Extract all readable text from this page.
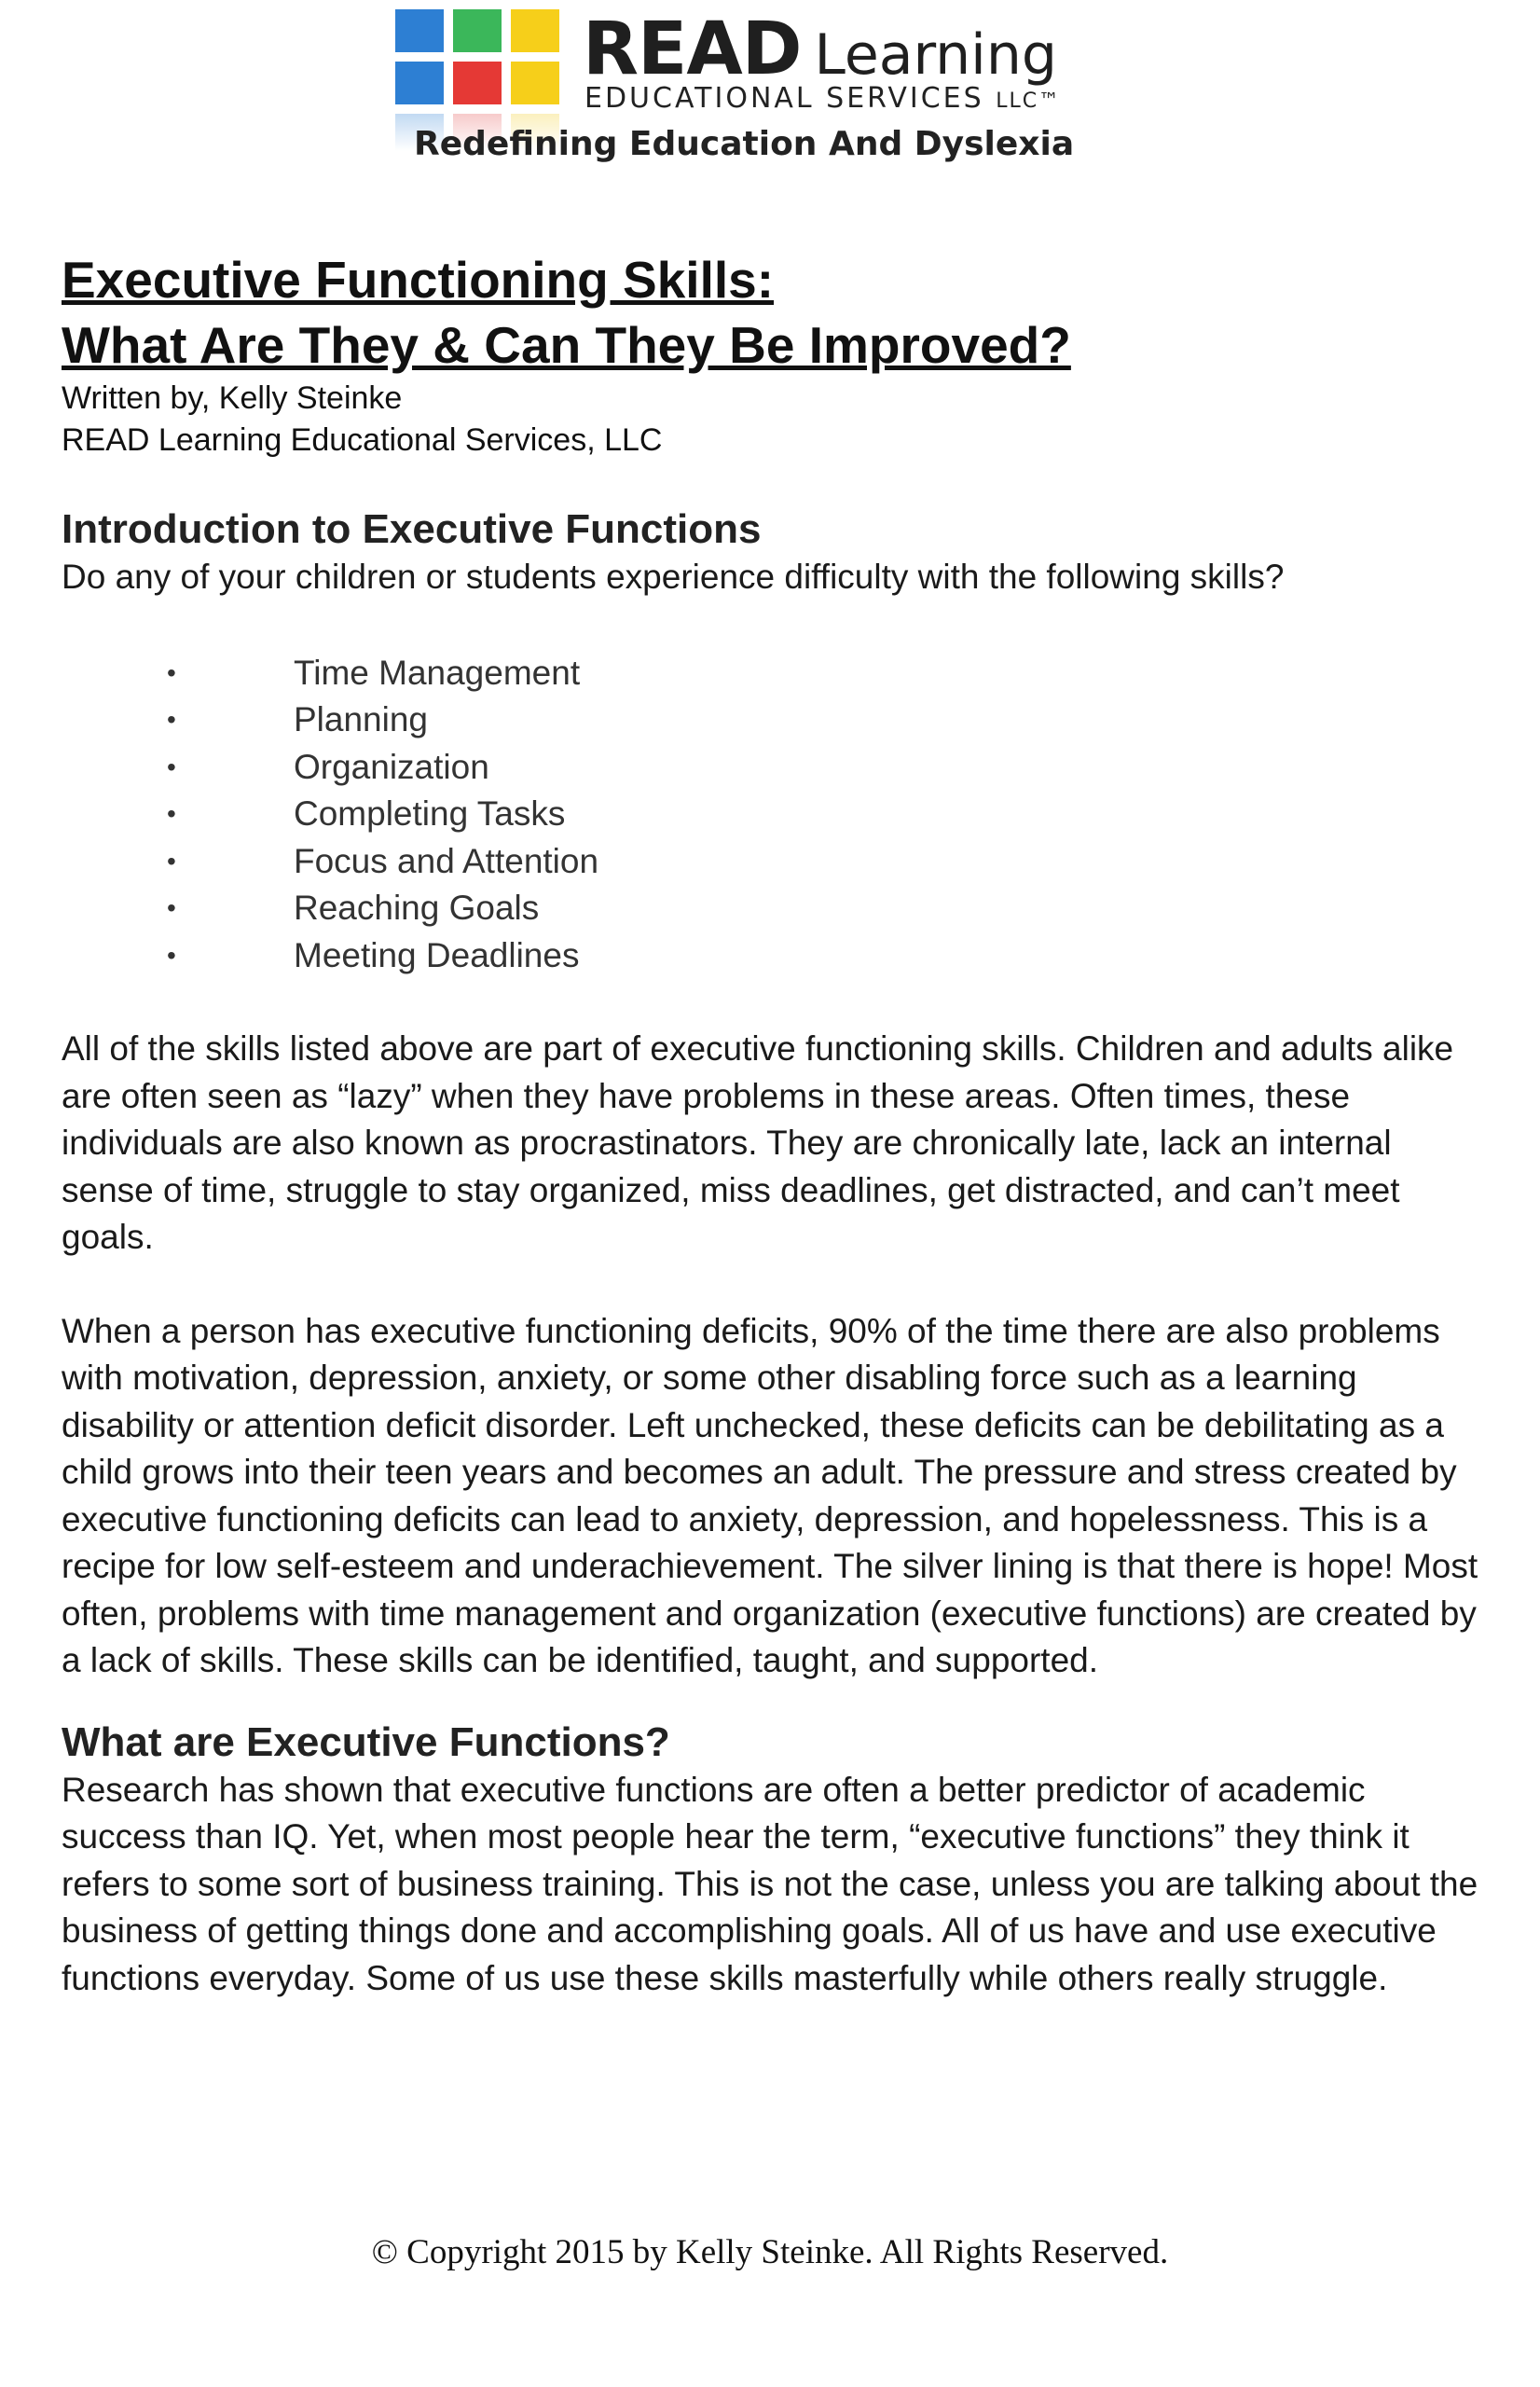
READ Learning
EDUCATIONAL SERVICES LLC™
Redefining Education And Dyslexia
Executive Functioning Skills:
What Are They & Can They Be Improved?
Written by, Kelly Steinke
READ Learning Educational Services, LLC
Introduction to Executive Functions

Do any of your children or students experience difficulty with the following skills?

•	Time Management
•	Planning
•	Organization
•	Completing Tasks
•	Focus and Attention
•	Reaching Goals
•	Meeting Deadlines

All of the skills listed above are part of executive functioning skills. Children and adults alike are often seen as “lazy” when they have problems in these areas. Often times, these individuals are also known as procrastinators. They are chronically late, lack an internal sense of time, struggle to stay organized, miss deadlines, get distracted, and can’t meet goals.

When a person has executive functioning deficits, 90% of the time there are also problems with motivation, depression, anxiety, or some other disabling force such as a learning disability or attention deficit disorder. Left unchecked, these deficits can be debilitating as a child grows into their teen years and becomes an adult. The pressure and stress created by executive functioning deficits can lead to anxiety, depression, and hopelessness. This is a recipe for low self-esteem and underachievement. The silver lining is that there is hope! Most often, problems with time management and organization (executive functions) are created by a lack of skills. These skills can be identified, taught, and supported.

What are Executive Functions?

Research has shown that executive functions are often a better predictor of academic success than IQ. Yet, when most people hear the term, “executive functions” they think it refers to some sort of business training. This is not the case, unless you are talking about the business of getting things done and accomplishing goals. All of us have and use executive functions everyday. Some of us use these skills masterfully while others really struggle.

© Copyright 2015 by Kelly Steinke. All Rights Reserved.
